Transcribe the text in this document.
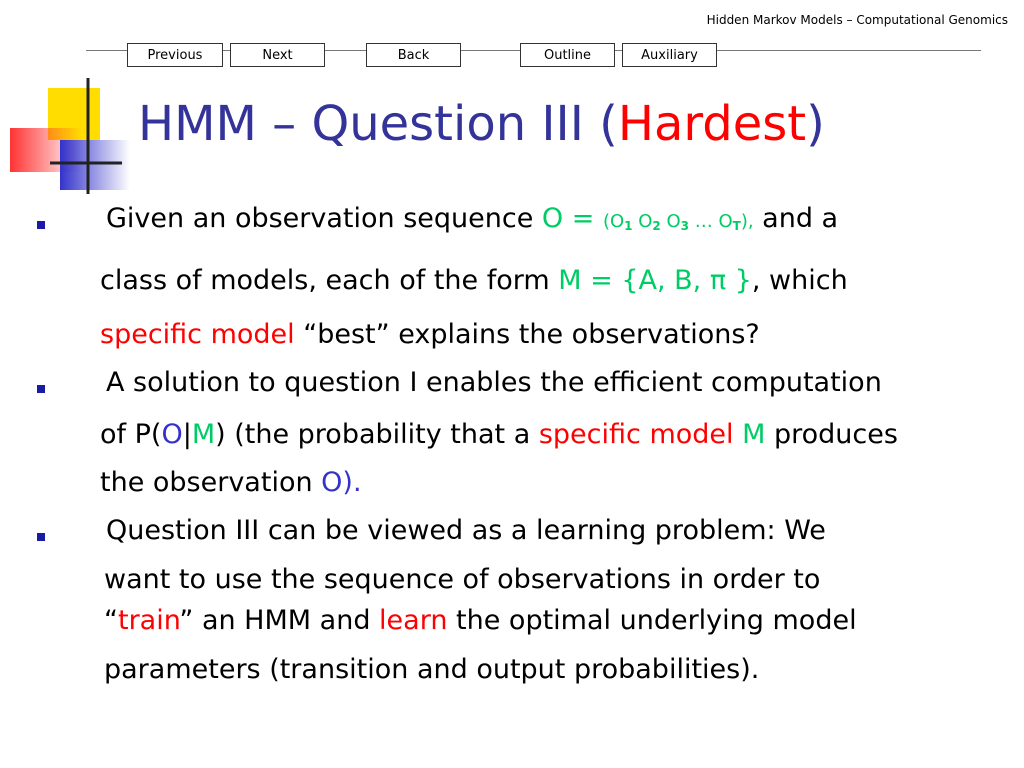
Hidden Markov Models – Computational Genomics
Previous	Next	Back	Outline	Auxiliary
HMM – Question III (Hardest)
Given an observation sequence $O = (O_1$ $O_2$ $O_3$ … $O_T$), and a
class of models, each of the form M = {A, B, π }, which
specific model “best” explains the observations?
A solution to question I enables the efficient computation
of P(O|M) (the probability that a specific model M produces
the observation O).
Question III can be viewed as a learning problem: We
want to use the sequence of observations in order to
“train” an HMM and learn the optimal underlying model
parameters (transition and output probabilities).
